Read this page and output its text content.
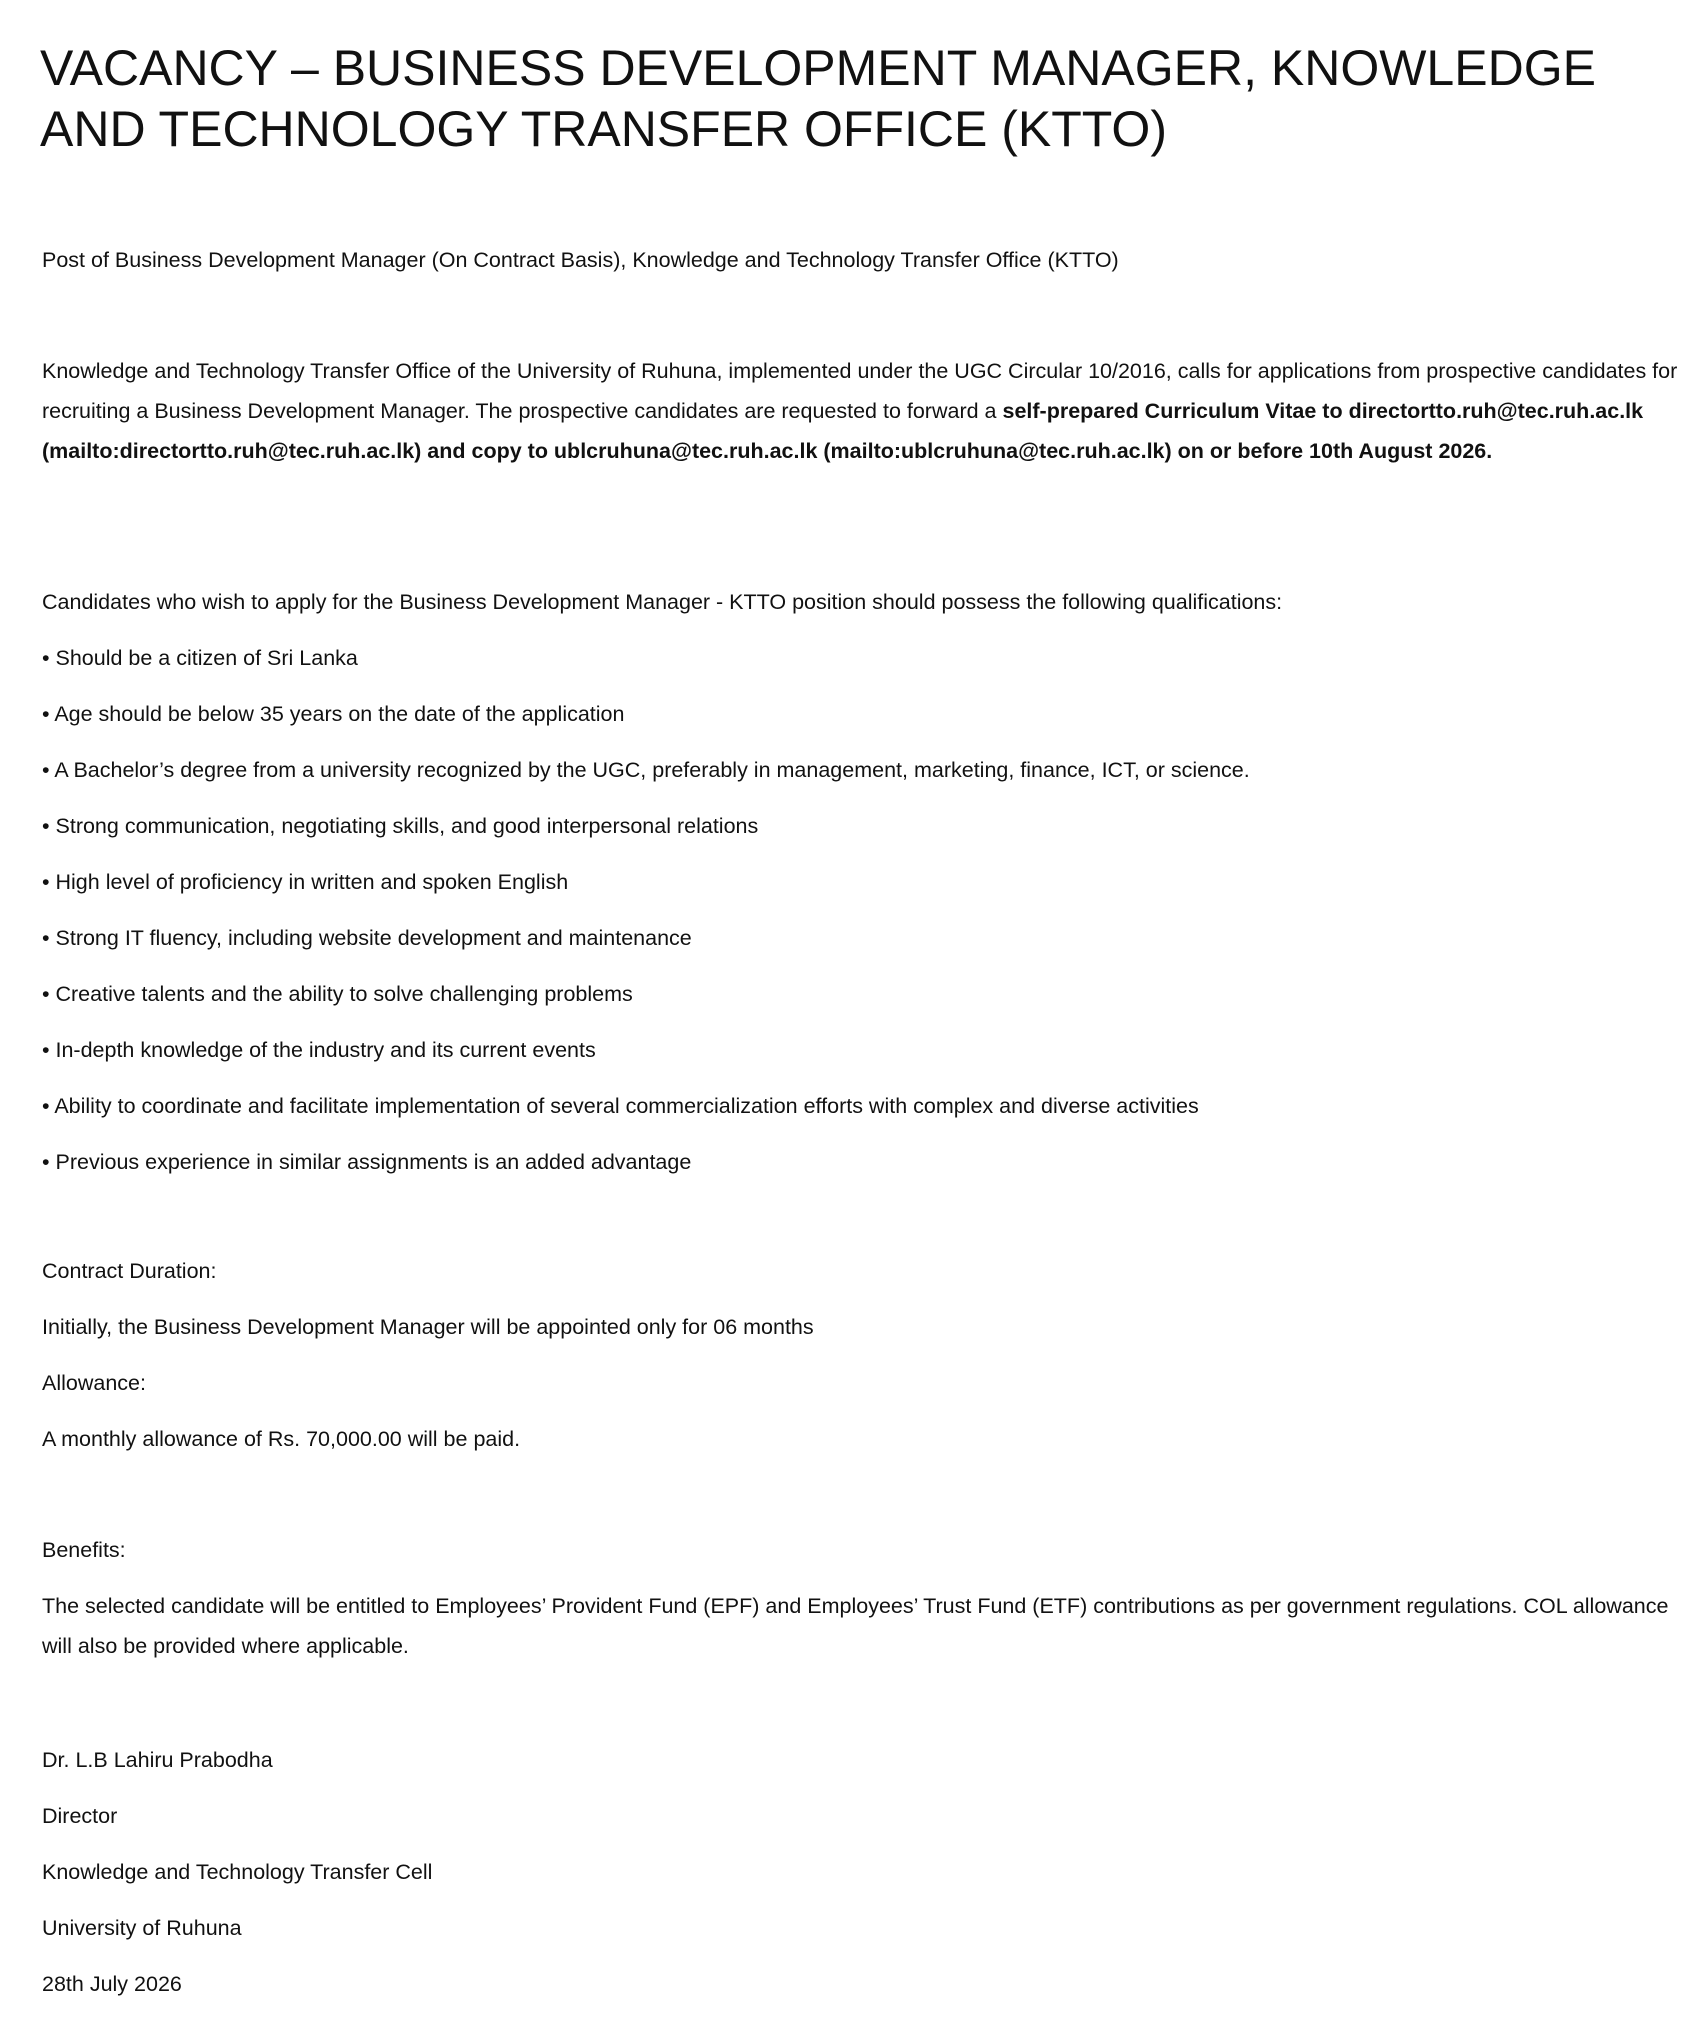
VACANCY – BUSINESS DEVELOPMENT MANAGER, KNOWLEDGE AND TECHNOLOGY TRANSFER OFFICE (KTTO)

Post of Business Development Manager (On Contract Basis), Knowledge and Technology Transfer Office (KTTO)

Knowledge and Technology Transfer Office of the University of Ruhuna, implemented under the UGC Circular 10/2016, calls for applications from prospective candidates for recruiting a Business Development Manager. The prospective candidates are requested to forward a self-prepared Curriculum Vitae to directortto.ruh@tec.ruh.ac.lk (mailto:directortto.ruh@tec.ruh.ac.lk) and copy to ublcruhuna@tec.ruh.ac.lk (mailto:ublcruhuna@tec.ruh.ac.lk) on or before 10th August 2026.

Candidates who wish to apply for the Business Development Manager - KTTO position should possess the following qualifications:

• Should be a citizen of Sri Lanka
• Age should be below 35 years on the date of the application
• A Bachelor’s degree from a university recognized by the UGC, preferably in management, marketing, finance, ICT, or science.
• Strong communication, negotiating skills, and good interpersonal relations
• High level of proficiency in written and spoken English
• Strong IT fluency, including website development and maintenance
• Creative talents and the ability to solve challenging problems
• In-depth knowledge of the industry and its current events
• Ability to coordinate and facilitate implementation of several commercialization efforts with complex and diverse activities
• Previous experience in similar assignments is an added advantage

Contract Duration:

Initially, the Business Development Manager will be appointed only for 06 months

Allowance:

A monthly allowance of Rs. 70,000.00 will be paid.

Benefits:

The selected candidate will be entitled to Employees’ Provident Fund (EPF) and Employees’ Trust Fund (ETF) contributions as per government regulations. COL allowance will also be provided where applicable.

Dr. L.B Lahiru Prabodha

Director

Knowledge and Technology Transfer Cell

University of Ruhuna

28th July 2026
